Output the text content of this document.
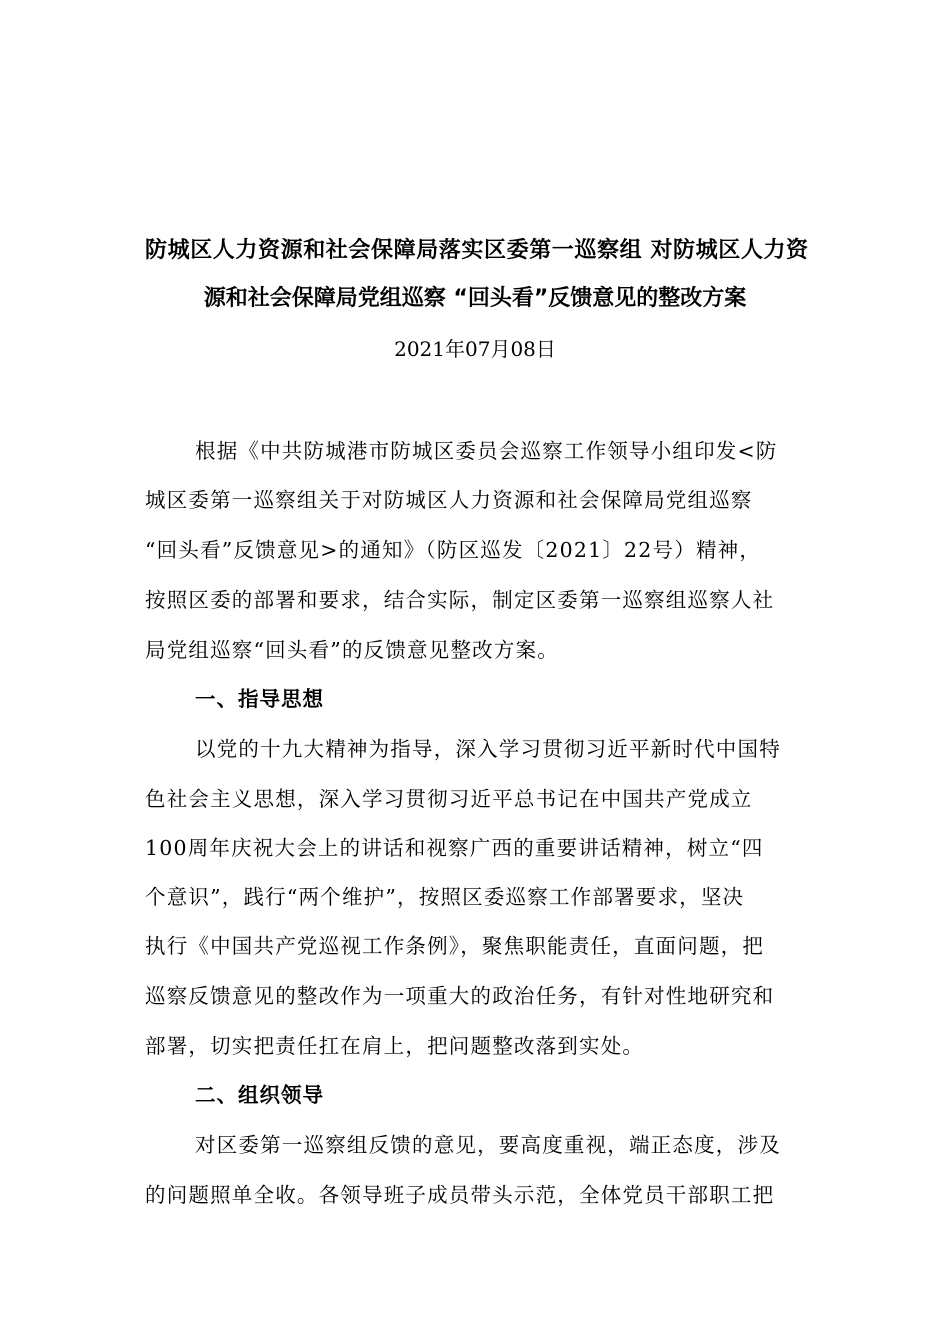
防城区人力资源和社会保障局落实区委第一巡察组 对防城区人力资
源和社会保障局党组巡察 “回头看”反馈意见的整改方案
2021年07月08日
根据《中共防城港市防城区委员会巡察工作领导小组印发<防
城区委第一巡察组关于对防城区人力资源和社会保障局党组巡察
“回头看”反馈意见>的通知》（防区巡发〔2021〕22号）精神，
按照区委的部署和要求，结合实际，制定区委第一巡察组巡察人社
局党组巡察“回头看”的反馈意见整改方案。
一、指导思想
以党的十九大精神为指导，深入学习贯彻习近平新时代中国特
色社会主义思想，深入学习贯彻习近平总书记在中国共产党成立
100周年庆祝大会上的讲话和视察广西的重要讲话精神，树立“四
个意识”，践行“两个维护”，按照区委巡察工作部署要求，坚决
执行《中国共产党巡视工作条例》，聚焦职能责任，直面问题，把
巡察反馈意见的整改作为一项重大的政治任务，有针对性地研究和
部署，切实把责任扛在肩上，把问题整改落到实处。
二、组织领导
对区委第一巡察组反馈的意见，要高度重视，端正态度，涉及
的问题照单全收。各领导班子成员带头示范，全体党员干部职工把
